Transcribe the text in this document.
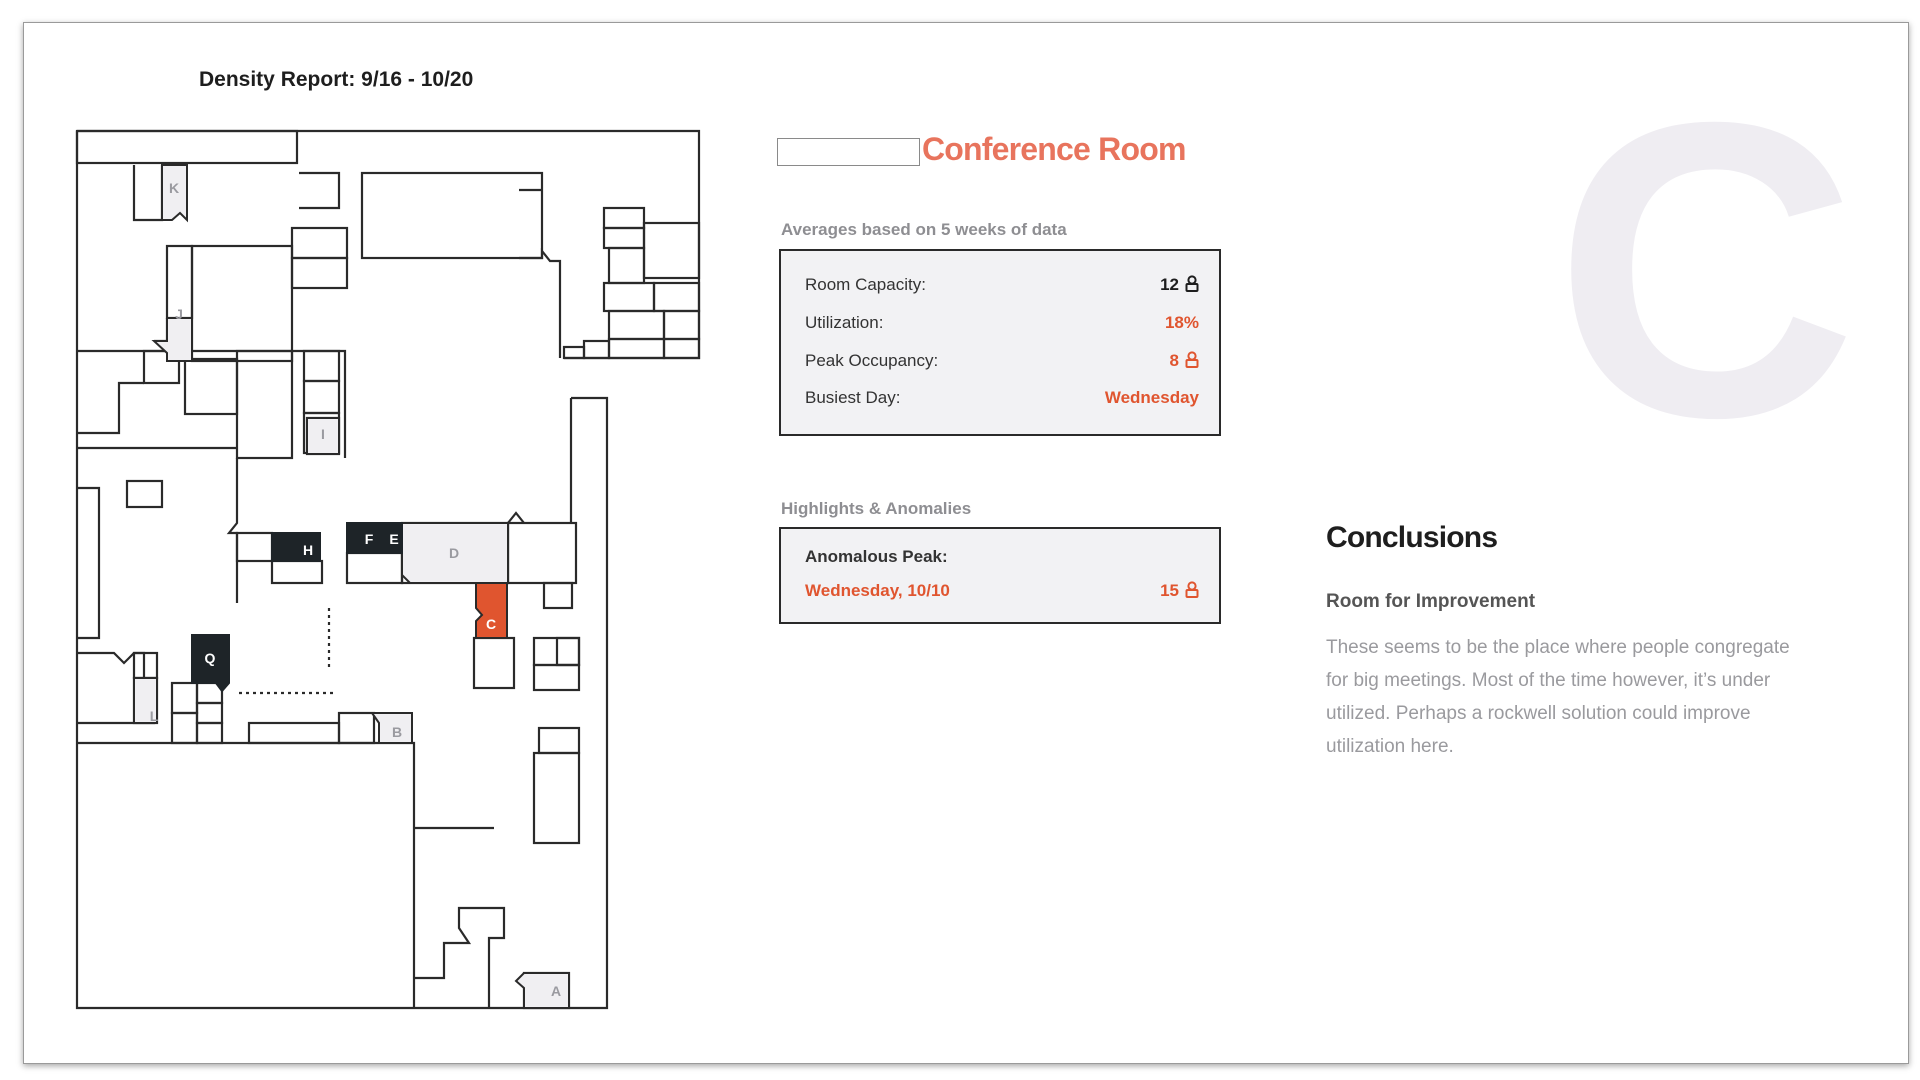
Density Report: 9/16 - 10/20
K
J
I
H G
F E
D
C
Q
L
B
A
Conference Room C
Averages based on 5 weeks of data
Room Capacity:	12
Utilization:	18%
Peak Occupancy:	8
Busiest Day:	Wednesday
Highlights & Anomalies
Anomalous Peak:
Wednesday, 10/10	15
Conclusions
Room for Improvement
These seems to be the place where people congregate for big meetings. Most of the time however, it’s under utilized. Perhaps a rockwell solution could improve utilization here.
